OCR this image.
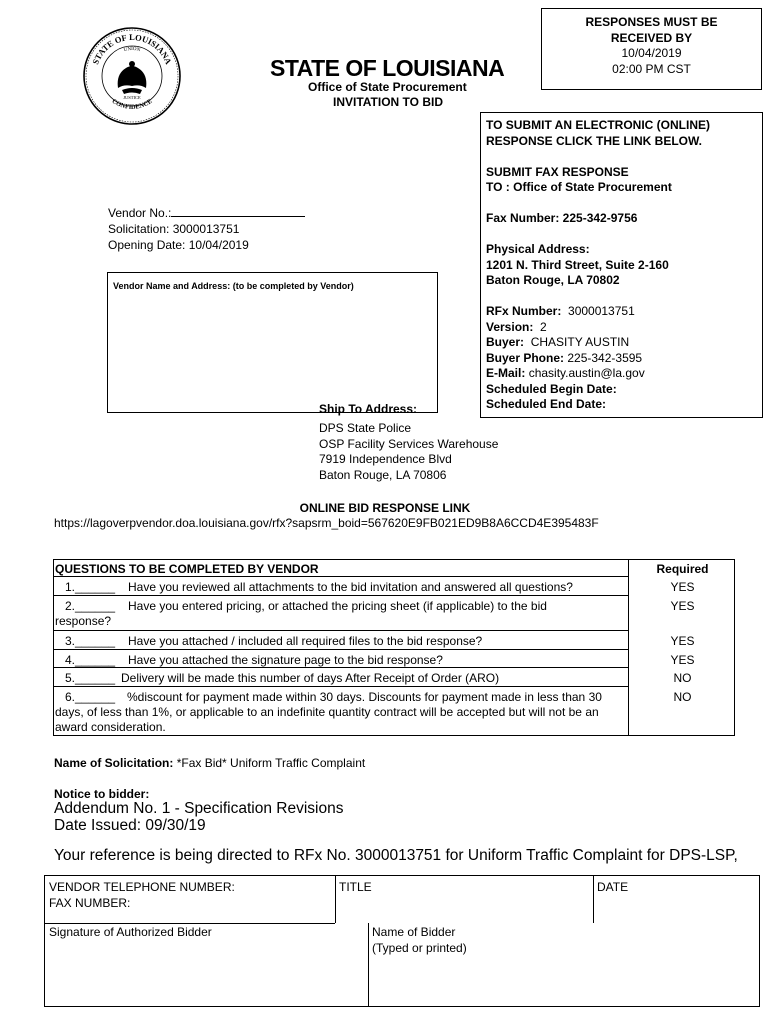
STATE OF LOUISIANA
UNION
CONFIDENCE
JUSTICE
RESPONSES MUST BE
RECEIVED BY
10/04/2019
02:00 PM CST
STATE OF LOUISIANA
Office of State Procurement
INVITATION TO BID
TO SUBMIT AN ELECTRONIC (ONLINE)
RESPONSE CLICK THE LINK BELOW.
SUBMIT FAX RESPONSE
TO : Office of State Procurement
Fax Number: 225-342-9756
Physical Address:
1201 N. Third Street, Suite 2-160
Baton Rouge, LA 70802
RFx Number: 3000013751
Version: 2
Buyer: CHASITY AUSTIN
Buyer Phone: 225-342-3595
E-Mail: chasity.austin@la.gov
Scheduled Begin Date:
Scheduled End Date:
Vendor No.:
Solicitation: 3000013751
Opening Date: 10/04/2019
Vendor Name and Address: (to be completed by Vendor)
Ship To Address:
DPS State Police
OSP Facility Services Warehouse
7919 Independence Blvd
Baton Rouge, LA 70806
ONLINE BID RESPONSE LINK
https://lagoverpvendor.doa.louisiana.gov/rfx?sapsrm_boid=567620E9FB021ED9B8A6CCD4E395483F
QUESTIONS TO BE COMPLETED BY VENDOR	Required
1.______ Have you reviewed all attachments to the bid invitation and answered all questions?	YES
2.______ Have you entered pricing, or attached the pricing sheet (if applicable) to the bid
response?
YES
3.______ Have you attached / included all required files to the bid response?	YES
4.______ Have you attached the signature page to the bid response?	YES
5.______ Delivery will be made this number of days After Receipt of Order (ARO)	NO
6.______ %discount for payment made within 30 days. Discounts for payment made in less than 30
days, of less than 1%, or applicable to an indefinite quantity contract will be accepted but will not be an
award consideration.
NO
Name of Solicitation: *Fax Bid* Uniform Traffic Complaint
Notice to bidder:
Addendum No. 1 - Specification Revisions
Date Issued: 09/30/19
Your reference is being directed to RFx No. 3000013751 for Uniform Traffic Complaint for DPS-LSP,
VENDOR TELEPHONE NUMBER:
FAX NUMBER:
TITLE	DATE
Signature of Authorized Bidder	Name of Bidder
(Typed or printed)
